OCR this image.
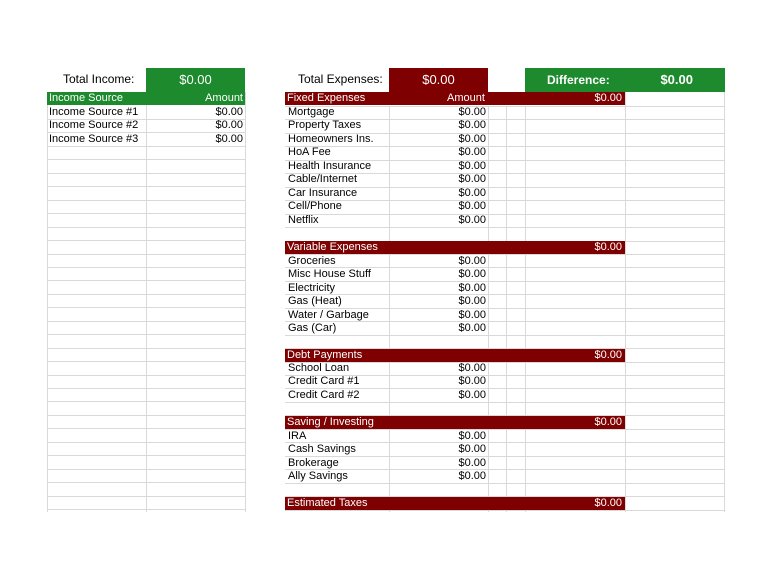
Total Income:	$0.00	Total Expenses:	$0.00	Difference:	$0.00
Income Source	Amount
Income Source #1	$0.00
Income Source #2	$0.00
Income Source #3	$0.00
Fixed Expenses	Amount	$0.00
Mortgage	$0.00
Property Taxes	$0.00
Homeowners Ins.	$0.00
HoA Fee	$0.00
Health Insurance	$0.00
Cable/Internet	$0.00
Car Insurance	$0.00
Cell/Phone	$0.00
Netflix	$0.00
Variable Expenses	$0.00
Groceries	$0.00
Misc House Stuff	$0.00
Electricity	$0.00
Gas (Heat)	$0.00
Water / Garbage	$0.00
Gas (Car)	$0.00
Debt Payments	$0.00
School Loan	$0.00
Credit Card #1	$0.00
Credit Card #2	$0.00
Saving / Investing	$0.00
IRA	$0.00
Cash Savings	$0.00
Brokerage	$0.00
Ally Savings	$0.00
Estimated Taxes	$0.00
